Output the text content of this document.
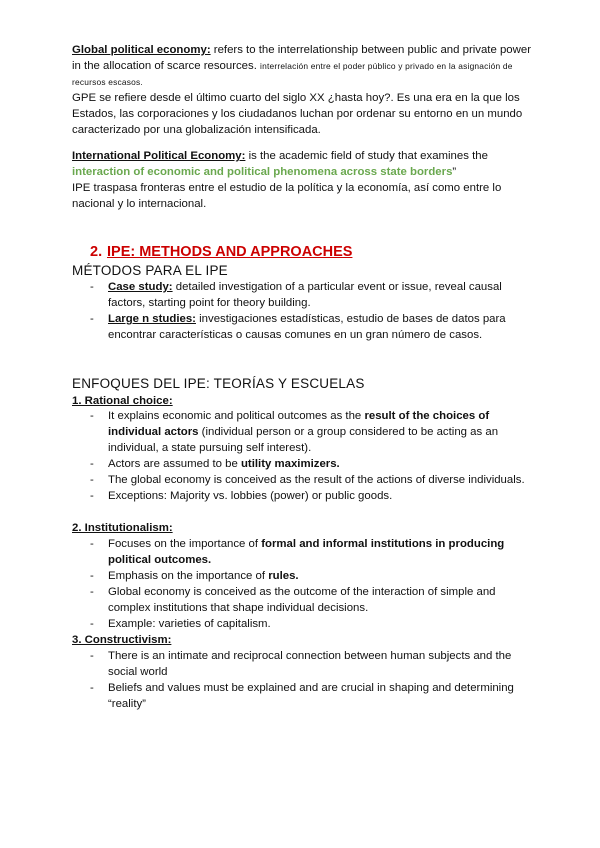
Global political economy: refers to the interrelationship between public and private power in the allocation of scarce resources. interrelación entre el poder público y privado en la asignación de recursos escasos.
GPE se refiere desde el último cuarto del siglo XX ¿hasta hoy?. Es una era en la que los Estados, las corporaciones y los ciudadanos luchan por ordenar su entorno en un mundo caracterizado por una globalización intensificada.
International Political Economy: is the academic field of study that examines the interaction of economic and political phenomena across state borders”
IPE traspasa fronteras entre el estudio de la política y la economía, así como entre lo nacional y lo internacional.
2. IPE: METHODS AND APPROACHES
MÉTODOS PARA EL IPE
- Case study: detailed investigation of a particular event or issue, reveal causal factors, starting point for theory building.
- Large n studies: investigaciones estadísticas, estudio de bases de datos para encontrar características o causas comunes en un gran número de casos.
ENFOQUES DEL IPE: TEORÍAS Y ESCUELAS
1. Rational choice:
- It explains economic and political outcomes as the result of the choices of individual actors (individual person or a group considered to be acting as an individual, a state pursuing self interest).
- Actors are assumed to be utility maximizers.
- The global economy is conceived as the result of the actions of diverse individuals.
- Exceptions: Majority vs. lobbies (power) or public goods.
2. Institutionalism:
- Focuses on the importance of formal and informal institutions in producing political outcomes.
- Emphasis on the importance of rules.
- Global economy is conceived as the outcome of the interaction of simple and complex institutions that shape individual decisions.
- Example: varieties of capitalism.
3. Constructivism:
- There is an intimate and reciprocal connection between human subjects and the social world
- Beliefs and values must be explained and are crucial in shaping and determining “reality”
